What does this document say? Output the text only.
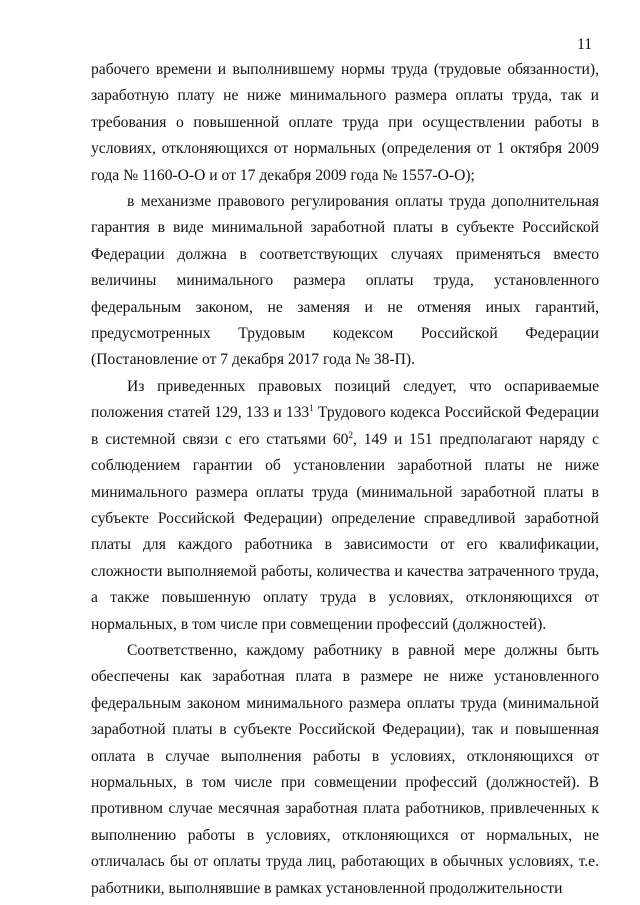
11

рабочего времени и выполнившему нормы труда (трудовые обязанности), заработную плату не ниже минимального размера оплаты труда, так и требования о повышенной оплате труда при осуществлении работы в условиях, отклоняющихся от нормальных (определения от 1 октября 2009 года № 1160-О-О и от 17 декабря 2009 года № 1557-О-О);

в механизме правового регулирования оплаты труда дополнительная гарантия в виде минимальной заработной платы в субъекте Российской Федерации должна в соответствующих случаях применяться вместо величины минимального размера оплаты труда, установленного федеральным законом, не заменяя и не отменяя иных гарантий, предусмотренных Трудовым кодексом Российской Федерации (Постановление от 7 декабря 2017 года № 38-П).

Из приведенных правовых позиций следует, что оспариваемые положения статей 129, 133 и $133^1$ Трудового кодекса Российской Федерации в системной связи с его статьями $60^2$, 149 и 151 предполагают наряду с соблюдением гарантии об установлении заработной платы не ниже минимального размера оплаты труда (минимальной заработной платы в субъекте Российской Федерации) определение справедливой заработной платы для каждого работника в зависимости от его квалификации, сложности выполняемой работы, количества и качества затраченного труда, а также повышенную оплату труда в условиях, отклоняющихся от нормальных, в том числе при совмещении профессий (должностей).

Соответственно, каждому работнику в равной мере должны быть обеспечены как заработная плата в размере не ниже установленного федеральным законом минимального размера оплаты труда (минимальной заработной платы в субъекте Российской Федерации), так и повышенная оплата в случае выполнения работы в условиях, отклоняющихся от нормальных, в том числе при совмещении профессий (должностей). В противном случае месячная заработная плата работников, привлеченных к выполнению работы в условиях, отклоняющихся от нормальных, не отличалась бы от оплаты труда лиц, работающих в обычных условиях, т.е. работники, выполнявшие в рамках установленной продолжительности
